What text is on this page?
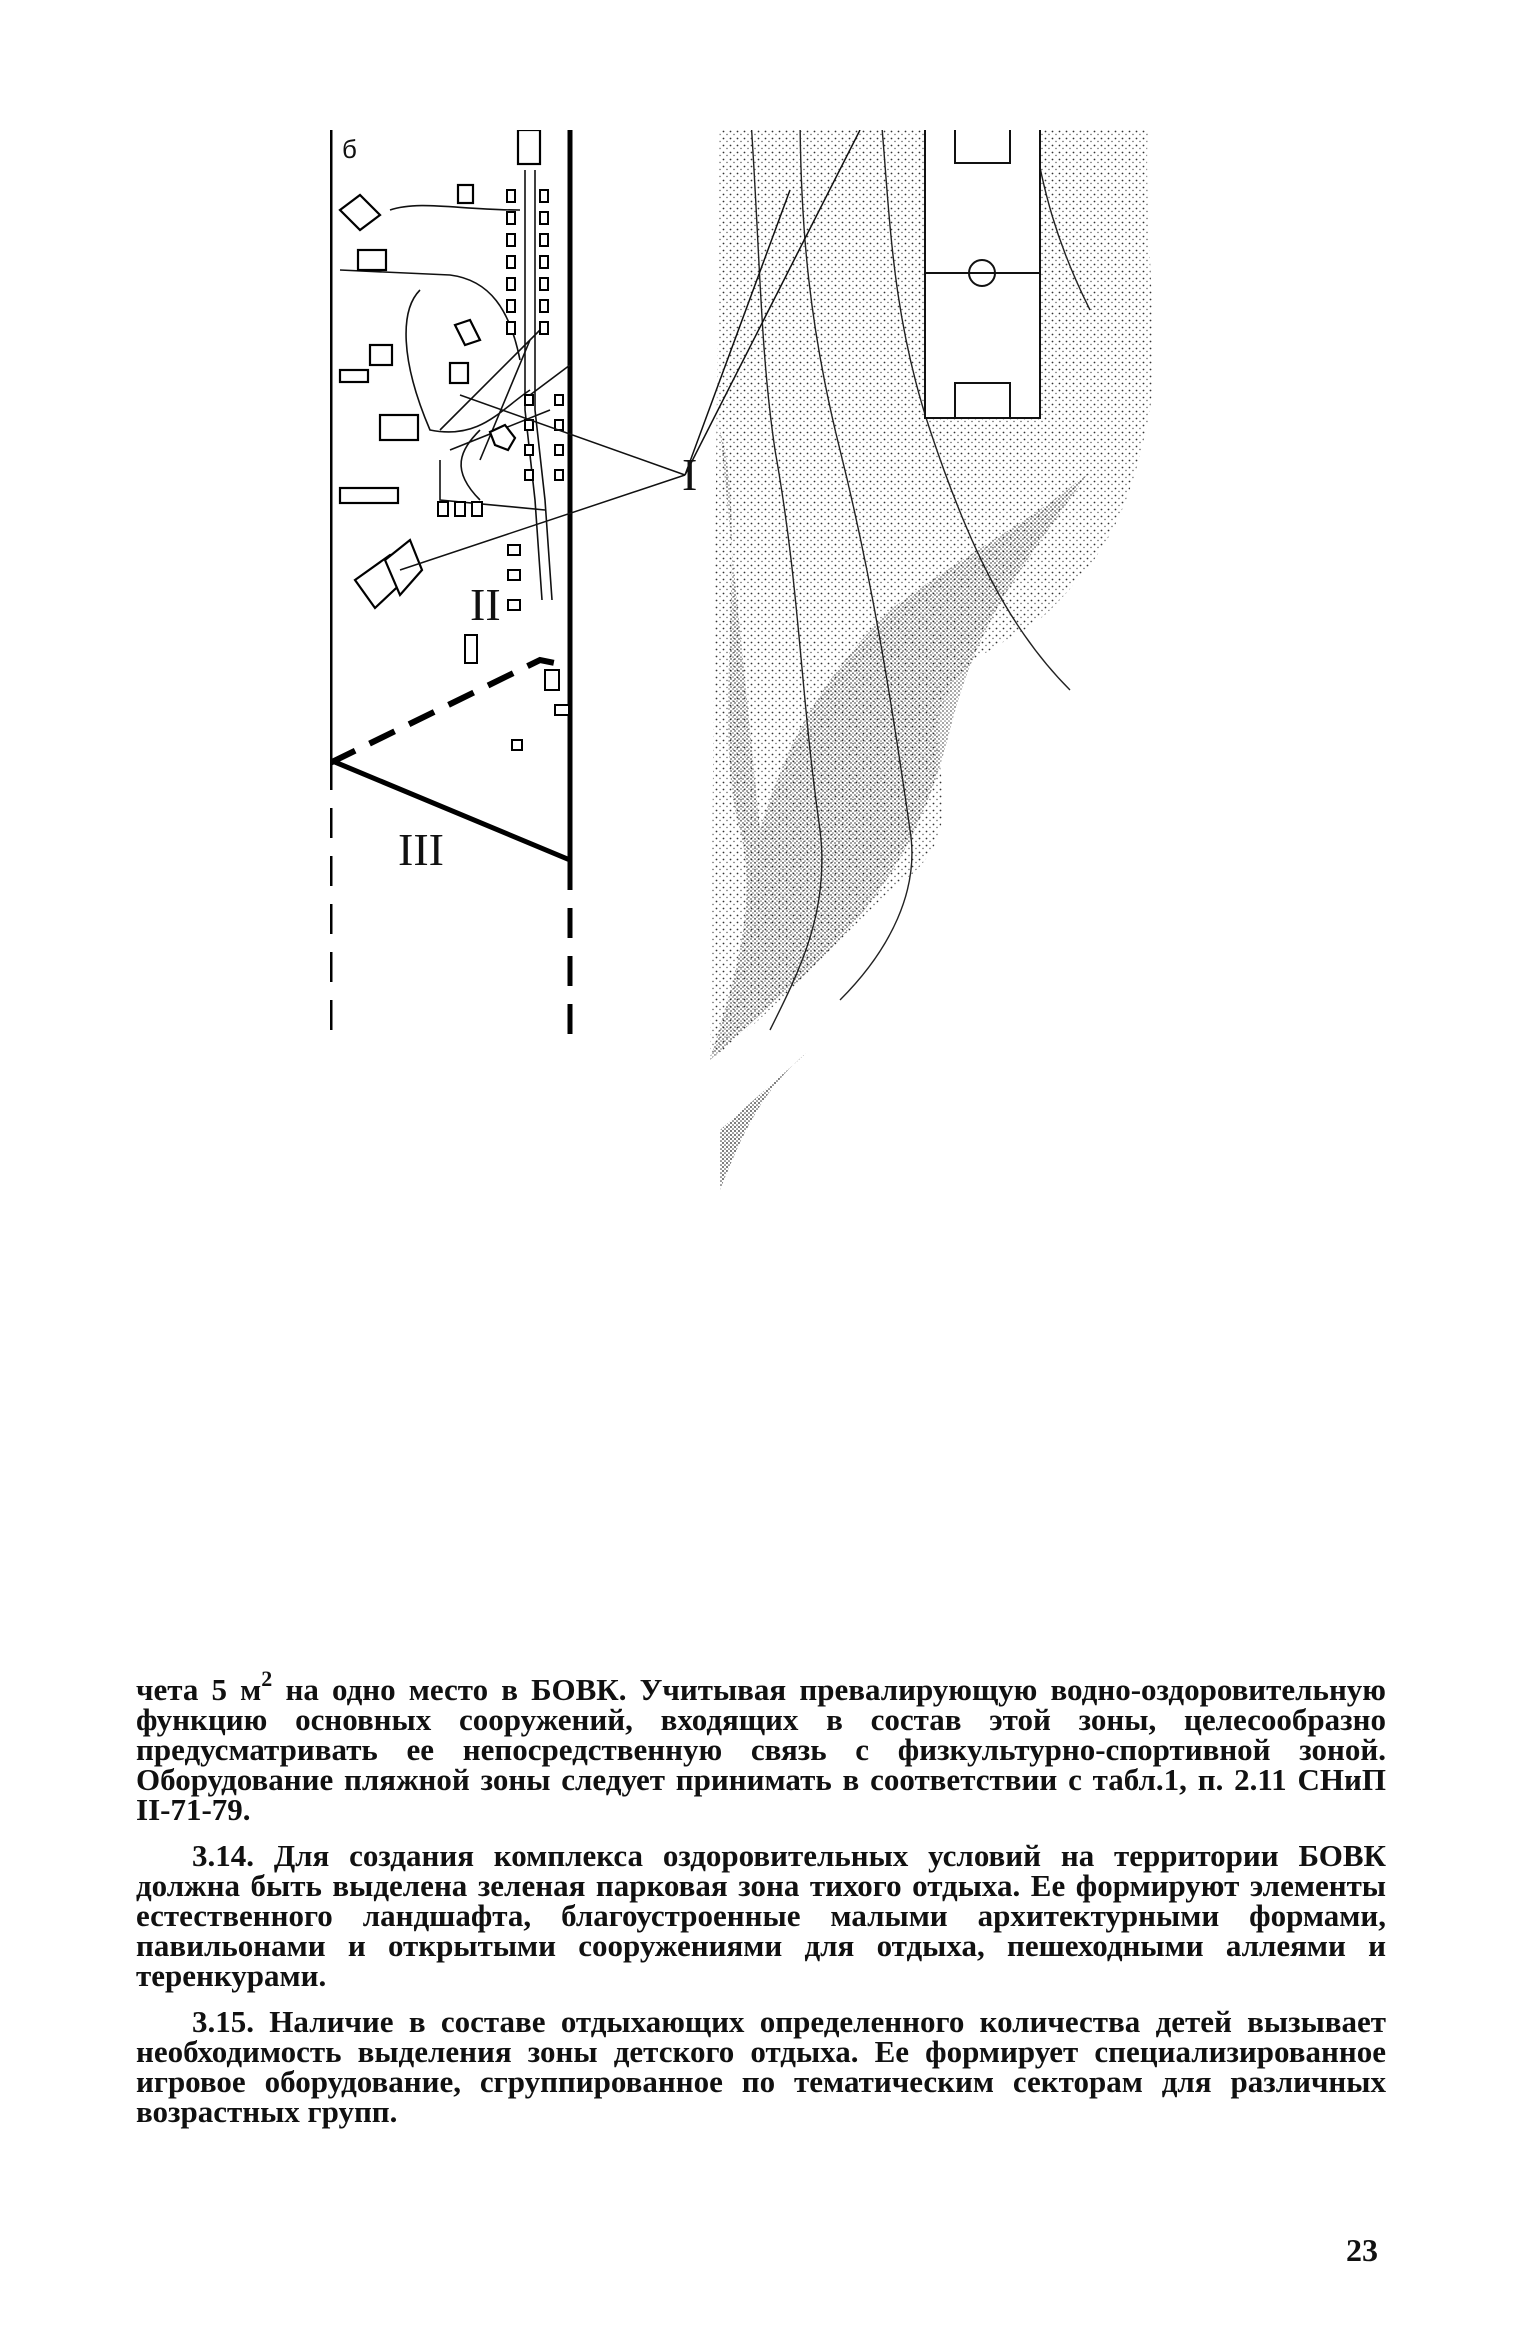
б
I
II
III

чета 5 $м^2$ на одно место в БОВК. Учитывая превалирующую водно-оздоровительную функцию основных сооружений, входящих в состав этой зоны, целесообразно предусматривать ее непосредственную связь с физкультурно-спортивной зоной. Оборудование пляжной зоны следует принимать в соответствии с табл.1, п. 2.11 СНиП II-71-79.

3.14. Для создания комплекса оздоровительных условий на территории БОВК должна быть выделена зеленая парковая зона тихого отдыха. Ее формируют элементы естественного ландшафта, благоустроенные малыми архитектурными формами, павильонами и открытыми сооружениями для отдыха, пешеходными аллеями и теренкурами.

3.15. Наличие в составе отдыхающих определенного количества детей вызывает необходимость выделения зоны детского отдыха. Ее формирует специализированное игровое оборудование, сгруппированное по тематическим секторам для различных возрастных групп.

23
